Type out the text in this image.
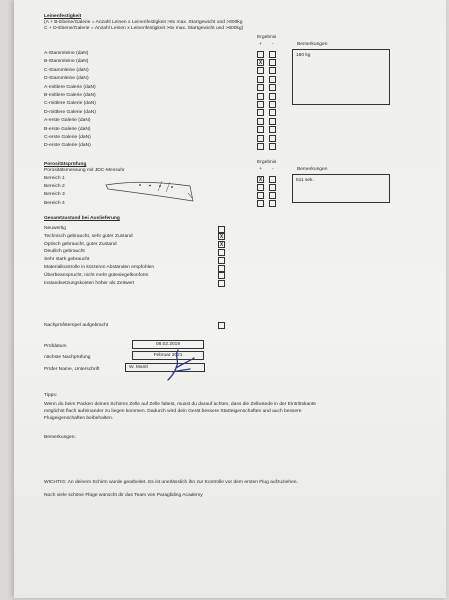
Leinenfestigkeit
(A + B-Ebene/Galerie = Anzahl Leinen x Leinenfestigkeit >8x max. Startgewicht und >800kg
C + D-Ebene/Galerie = Anzahl Leinen x Leinenfestigkeit >6x max. Startgewicht und >600kg)
Ergebnis
+ -	Bemerkungen
A-Stammleine (daN)
B-Stammleine (daN)	X
C-Stammleine (daN)
D-Stammleine (daN)
A-mittlere Galerie (daN)
B-mittlere Galerie (daN)
C-mittlere Galerie (daN)
D-mittlere Galerie (daN)
A-erste Galerie (daN)
B-erste Galerie (daN)
C-erste Galerie (daN)
D-erste Galerie (daN)
180 kg
Porositätsprüfung
Porositätsmessung mit JDC-Messuhr
Ergebnis
+ -	Bemerkungen
Bereich 1	X
Bereich 2
Bereich 3
Bereich 4
511 sek.
Gesamtzustand bei Auslieferung
Neuwertig
Technisch gebraucht, sehr guter Zustand	X
Optisch gebraucht, guter Zustand	X
Deutlich gebraucht
Sehr stark gebraucht
Materialkontrolle in kürzeren Abständen empfohlen
Überbeansprucht, nicht mehr gütesiegelkonform
Instandsetzungskosten höher als Zeitwert
Nachprüfstempel aufgebracht
Prüfdatum	08.02.2019
nächste Nachprüfung	Februar 2021
Prüfer Name, Unterschrift	W. Mantl
Tipps:
Wenn du beim Packen deines Schirms Zelle auf Zelle faltest, musst du darauf achten, dass die Zellwände in der Eintrittskante
möglichst flach aufeinander zu liegen kommen. Dadurch wird dein Gerät bessere Starteigenschaften und auch bessere
Fluigeigenschaften beibehalten.
Bemerkungen:
WICHTIG: An deinem Schirm wurde gearbeitet. Es ist unerlässlich ihn zur Kontrolle vor dem ersten Flug aufzuziehen.
Noch viele schöne Flüge wünscht dir das Team von Paragliding Academy
